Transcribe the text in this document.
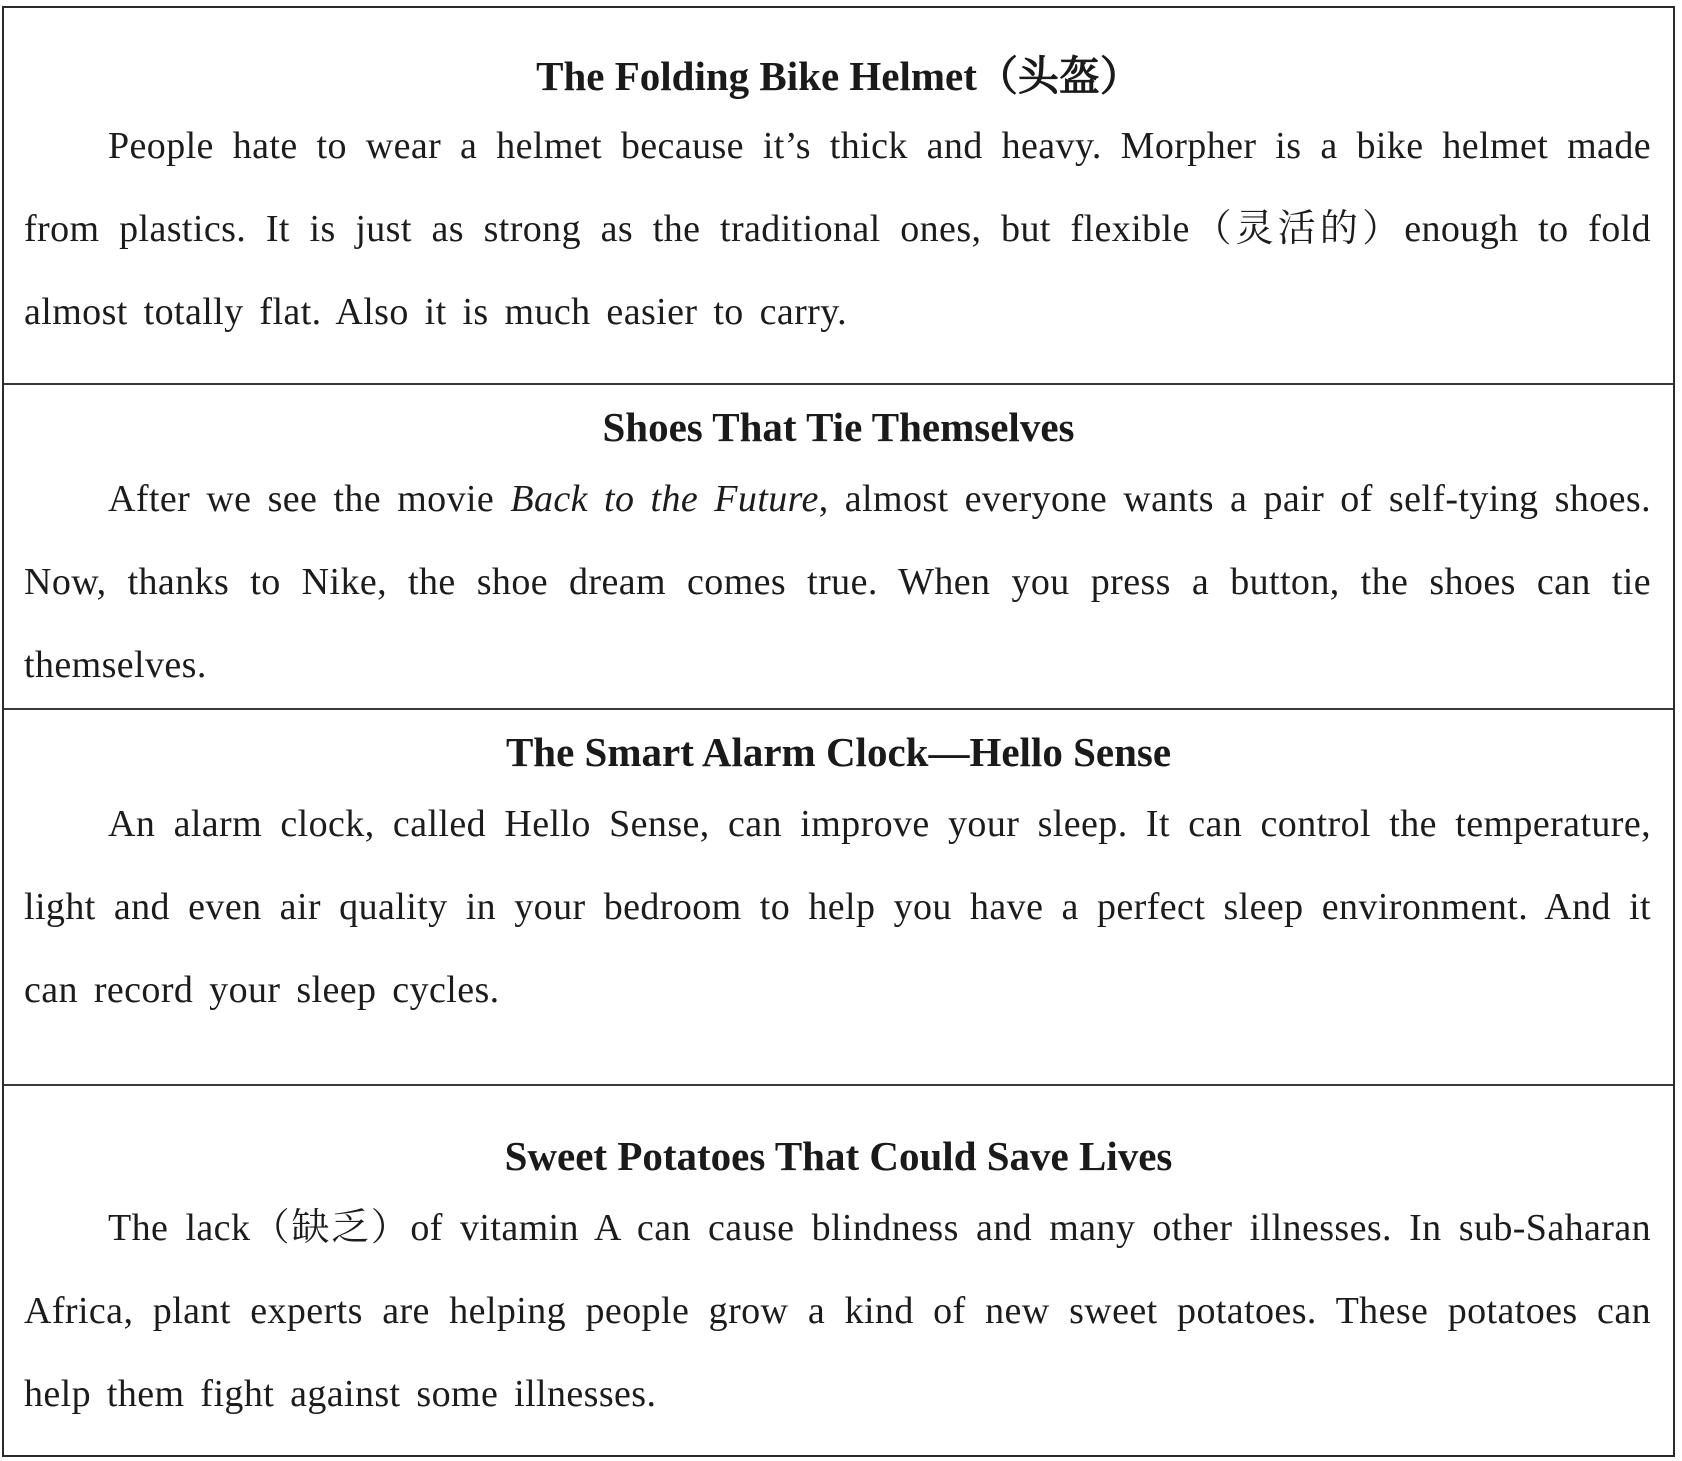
The Folding Bike Helmet（头盔）

People hate to wear a helmet because it’s thick and heavy. Morpher is a bike helmet made from plastics. It is just as strong as the traditional ones, but flexible（灵活的）enough to fold almost totally flat. Also it is much easier to carry.

Shoes That Tie Themselves

After we see the movie Back to the Future, almost everyone wants a pair of self-tying shoes. Now, thanks to Nike, the shoe dream comes true. When you press a button, the shoes can tie themselves.

The Smart Alarm Clock—Hello Sense

An alarm clock, called Hello Sense, can improve your sleep. It can control the temperature, light and even air quality in your bedroom to help you have a perfect sleep environment. And it can record your sleep cycles.

Sweet Potatoes That Could Save Lives

The lack（缺乏）of vitamin A can cause blindness and many other illnesses. In sub-Saharan Africa, plant experts are helping people grow a kind of new sweet potatoes. These potatoes can help them fight against some illnesses.
